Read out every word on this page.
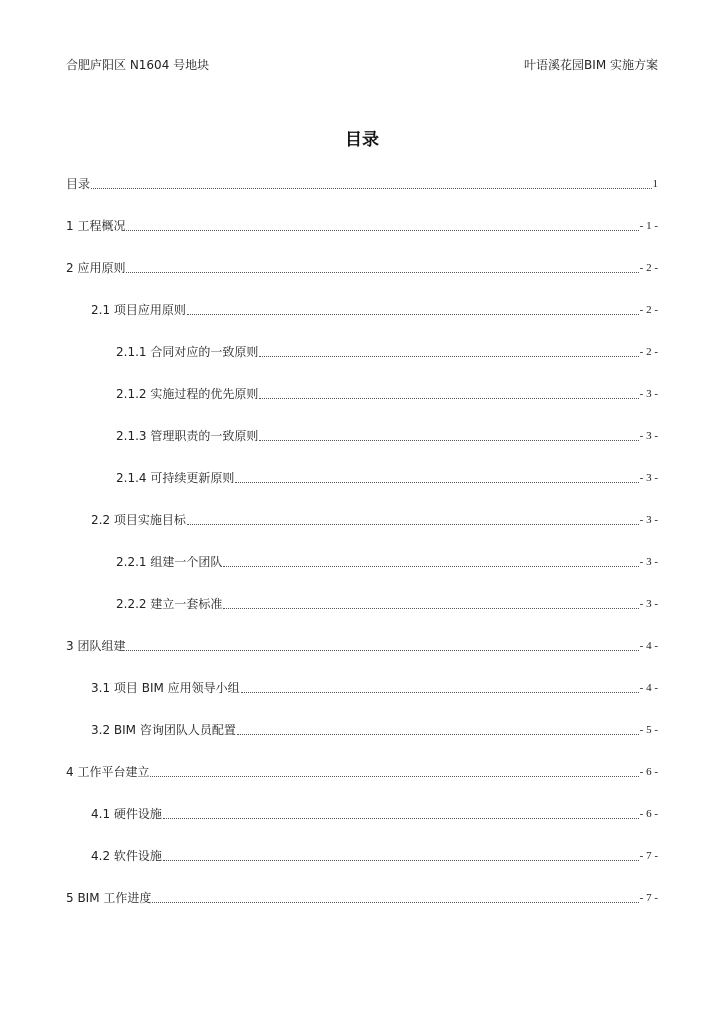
合肥庐阳区 N1604 号地块	叶语溪花园BIM 实施方案
目录
目录	1
1 工程概况	- 1 -
2 应用原则	- 2 -
2.1 项目应用原则	- 2 -
2.1.1 合同对应的一致原则	- 2 -
2.1.2 实施过程的优先原则	- 3 -
2.1.3 管理职责的一致原则	- 3 -
2.1.4 可持续更新原则	- 3 -
2.2 项目实施目标	- 3 -
2.2.1 组建一个团队	- 3 -
2.2.2 建立一套标准	- 3 -
3 团队组建	- 4 -
3.1 项目 BIM 应用领导小组	- 4 -
3.2 BIM 咨询团队人员配置	- 5 -
4 工作平台建立	- 6 -
4.1 硬件设施	- 6 -
4.2 软件设施	- 7 -
5 BIM 工作进度	- 7 -
